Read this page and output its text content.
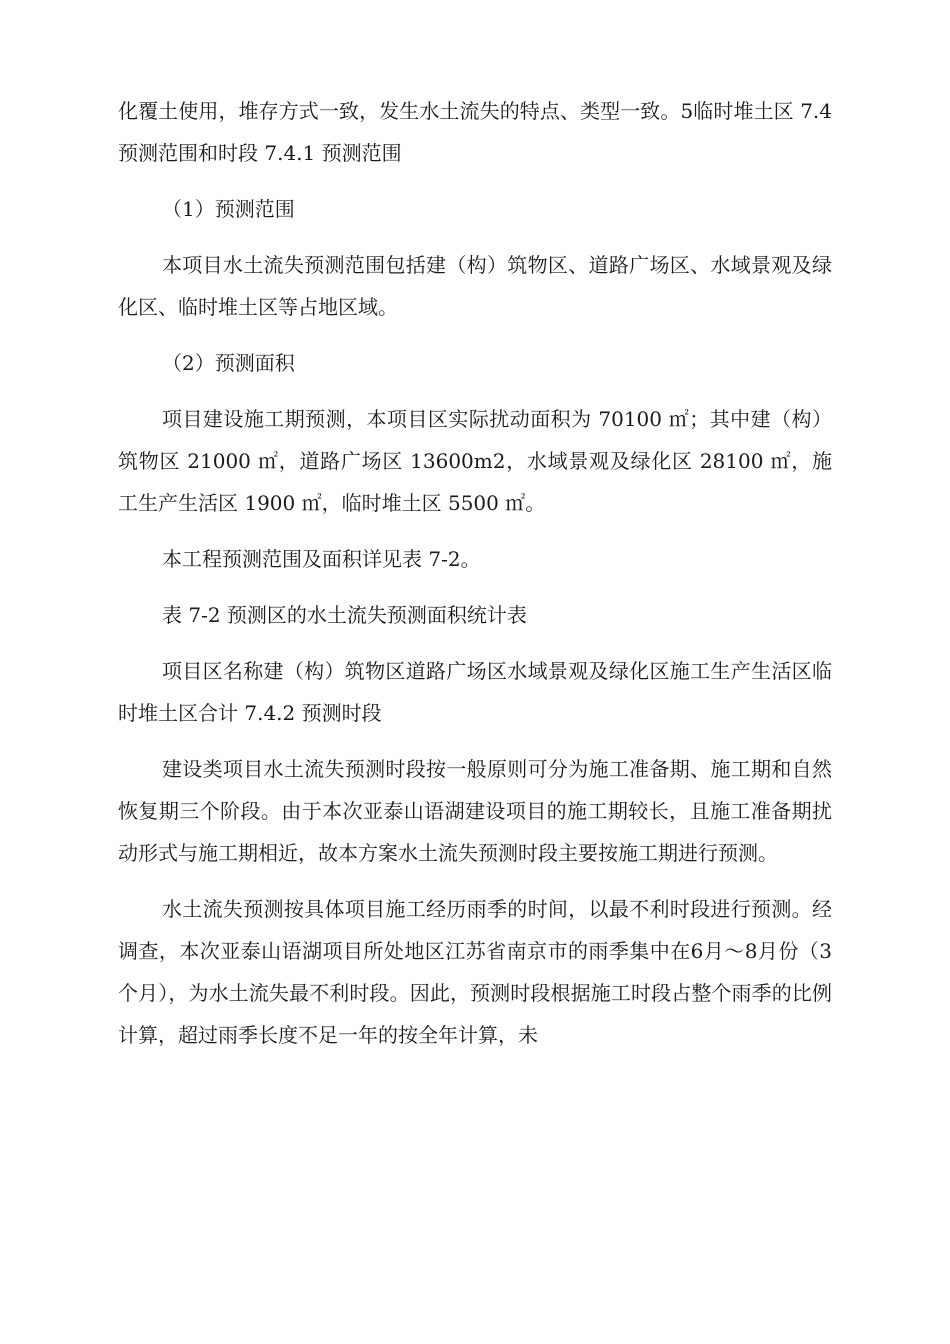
化覆土使用，堆存方式一致，发生水土流失的特点、类型一致。5临时堆土区 7.4 预测范围和时段 7.4.1 预测范围

（1）预测范围

本项目水土流失预测范围包括建（构）筑物区、道路广场区、水域景观及绿化区、临时堆土区等占地区域。

（2）预测面积

项目建设施工期预测，本项目区实际扰动面积为 70100 ㎡；其中建（构）筑物区 21000 ㎡，道路广场区 13600m2，水域景观及绿化区 28100 ㎡，施工生产生活区 1900 ㎡，临时堆土区 5500 ㎡。

本工程预测范围及面积详见表 7-2。

表 7-2 预测区的水土流失预测面积统计表

项目区名称建（构）筑物区道路广场区水域景观及绿化区施工生产生活区临时堆土区合计 7.4.2 预测时段

建设类项目水土流失预测时段按一般原则可分为施工准备期、施工期和自然恢复期三个阶段。由于本次亚泰山语湖建设项目的施工期较长，且施工准备期扰动形式与施工期相近，故本方案水土流失预测时段主要按施工期进行预测。

水土流失预测按具体项目施工经历雨季的时间，以最不利时段进行预测。经调查，本次亚泰山语湖项目所处地区江苏省南京市的雨季集中在6月～8月份（3个月），为水土流失最不利时段。因此，预测时段根据施工时段占整个雨季的比例计算，超过雨季长度不足一年的按全年计算，未
